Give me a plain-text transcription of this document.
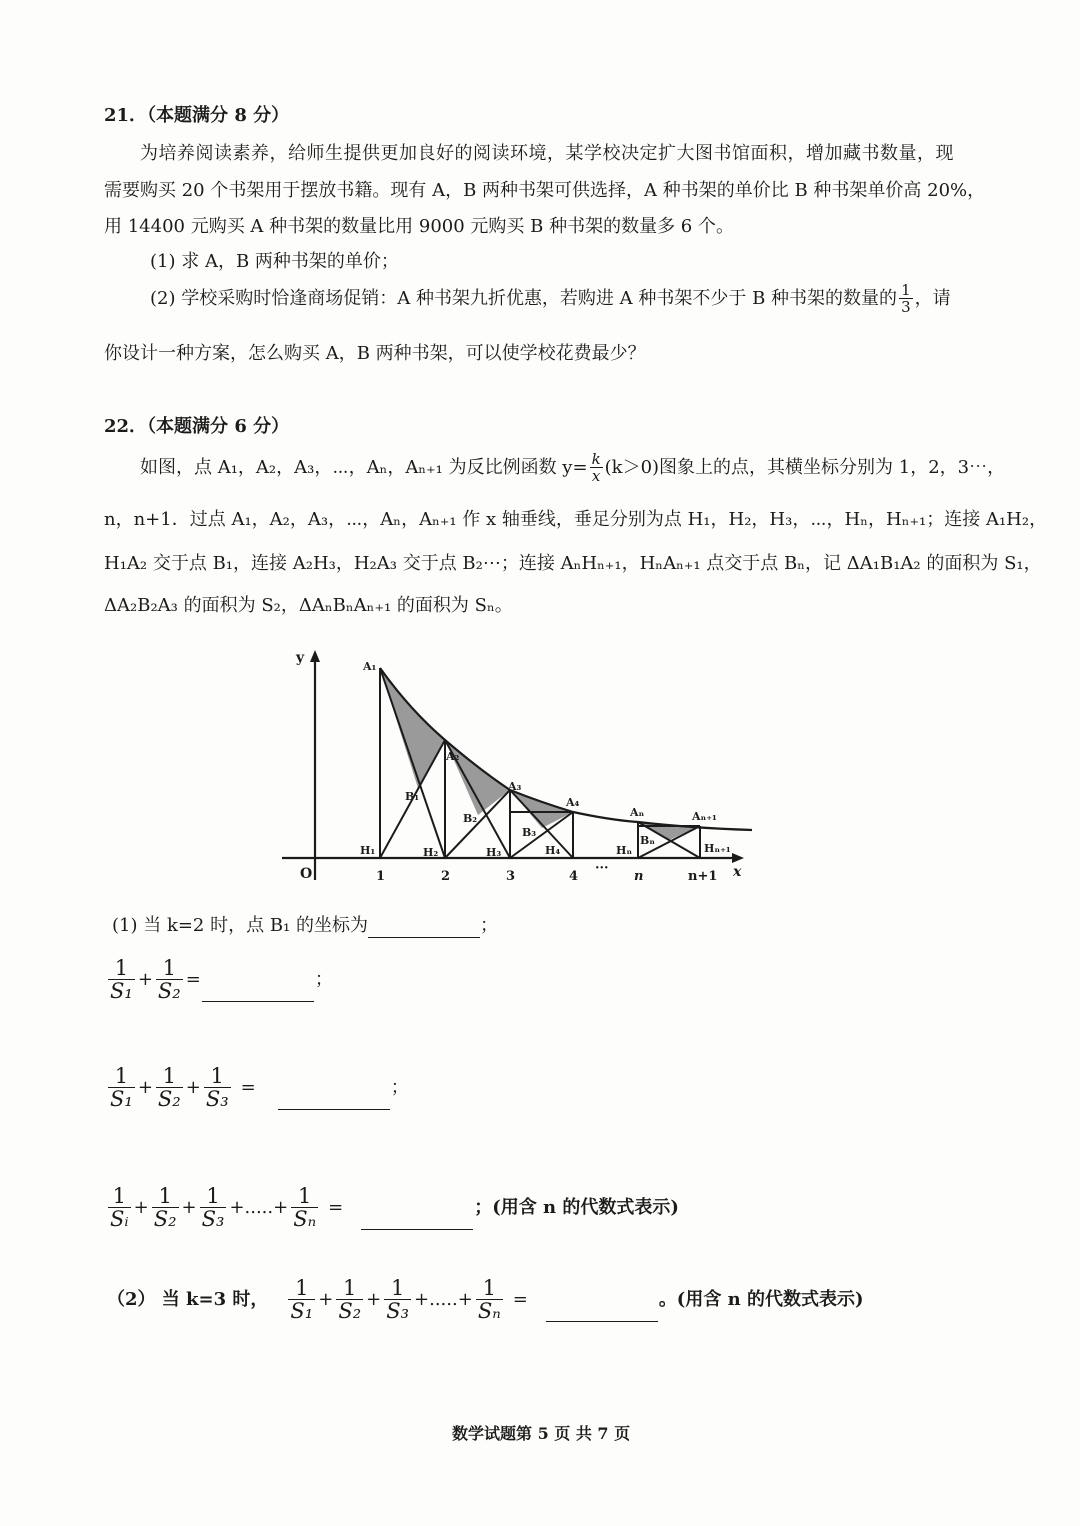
21．（本题满分 8 分）
为培养阅读素养，给师生提供更加良好的阅读环境，某学校决定扩大图书馆面积，增加藏书数量，现
需要购买 20 个书架用于摆放书籍。现有 A，B 两种书架可供选择，A 种书架的单价比 B 种书架单价高 20%，
用 14400 元购买 A 种书架的数量比用 9000 元购买 B 种书架的数量多 6 个。
(1) 求 A，B 两种书架的单价；
(2) 学校采购时恰逢商场促销：A 种书架九折优惠，若购进 A 种书架不少于 B 种书架的数量的 $\frac{1}{3}$ ，请
你设计一种方案，怎么购买 A，B 两种书架，可以使学校花费最少？
22．（本题满分 6 分）
如图，点 A₁，A₂，A₃，⋯，Aₙ，Aₙ₊₁ 为反比例函数 $y= \frac{k}{x} (k>0)$图象上的点，其横坐标分别为 1，2，3⋯，
n，n+1．过点 A₁，A₂，A₃，⋯，Aₙ，Aₙ₊₁ 作 x 轴垂线，垂足分别为点 H₁，H₂，H₃，⋯，Hₙ，Hₙ₊₁；连接 A₁H₂，
H₁A₂ 交于点 B₁，连接 A₂H₃，H₂A₃ 交于点 B₂⋯；连接 AₙHₙ₊₁，HₙAₙ₊₁ 点交于点 Bₙ，记 ΔA₁B₁A₂ 的面积为 S₁，
ΔA₂B₂A₃ 的面积为 S₂，ΔAₙBₙAₙ₊₁ 的面积为 Sₙ。
y
x
O	1	2	3	4
···
n	n+1
A₁
A₂
A₃
A₄
Aₙ	Aₙ₊₁
B₁
B₂
B₃
Bₙ
H₁	H₂	H₃	H₄	Hₙ	Hₙ₊₁
(1) 当 k=2 时，点 B₁ 的坐标为	；
$\frac{1}{\text{S₁}} + \frac{1}{\text{S₂}}$ =	；
$\frac{1}{\text{S₁}} + \frac{1}{\text{S₂}} + \frac{1}{\text{S₃}}$ =	；
$\frac{1}{\text{Sᵢ}} + \frac{1}{\text{S₂}} + \frac{1}{\text{S₃}}$ +.....+ $\frac{1}{\text{Sₙ}}$ =	；(用含 n 的代数式表示)
（2） 当 k=3 时， $\frac{1}{\text{S₁}} + \frac{1}{\text{S₂}} + \frac{1}{\text{S₃}}$ +.....+ $\frac{1}{\text{Sₙ}}$ =	。(用含 n 的代数式表示)
数学试题第 5 页 共 7 页
